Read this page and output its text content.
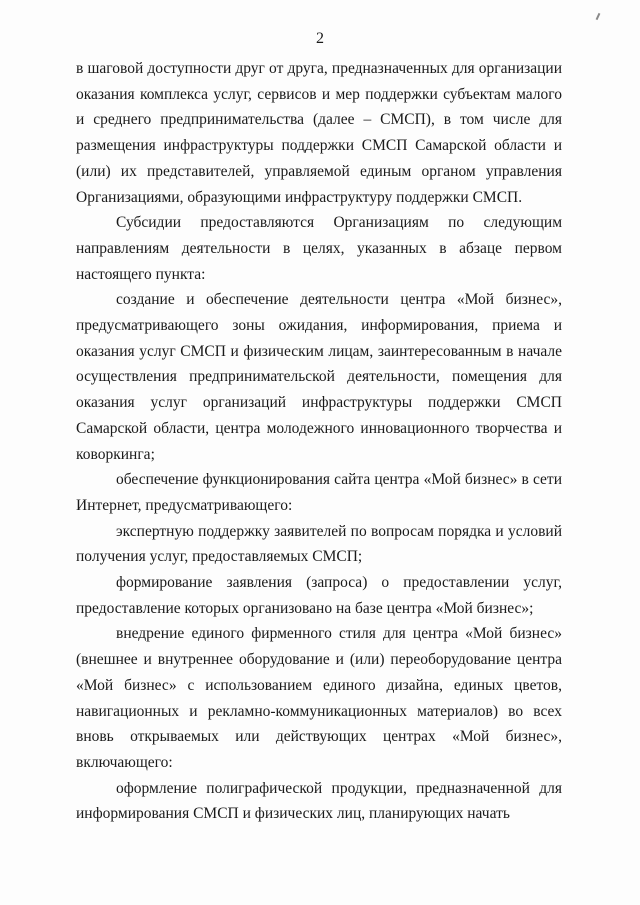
2

в шаговой доступности друг от друга, предназначенных для организации оказания комплекса услуг, сервисов и мер поддержки субъектам малого и среднего предпринимательства (далее – СМСП), в том числе для размещения инфраструктуры поддержки СМСП Самарской области и (или) их представителей, управляемой единым органом управления Организациями, образующими инфраструктуру поддержки СМСП.

Субсидии предоставляются Организациям по следующим направлениям деятельности в целях, указанных в абзаце первом настоящего пункта:

создание и обеспечение деятельности центра «Мой бизнес», предусматривающего зоны ожидания, информирования, приема и оказания услуг СМСП и физическим лицам, заинтересованным в начале осуществления предпринимательской деятельности, помещения для оказания услуг организаций инфраструктуры поддержки СМСП Самарской области, центра молодежного инновационного творчества и коворкинга;

обеспечение функционирования сайта центра «Мой бизнес» в сети Интернет, предусматривающего:

экспертную поддержку заявителей по вопросам порядка и условий получения услуг, предоставляемых СМСП;

формирование заявления (запроса) о предоставлении услуг, предоставление которых организовано на базе центра «Мой бизнес»;

внедрение единого фирменного стиля для центра «Мой бизнес» (внешнее и внутреннее оборудование и (или) переоборудование центра «Мой бизнес» с использованием единого дизайна, единых цветов, навигационных и рекламно-коммуникационных материалов) во всех вновь открываемых или действующих центрах «Мой бизнес», включающего:

оформление полиграфической продукции, предназначенной для информирования СМСП и физических лиц, планирующих начать
